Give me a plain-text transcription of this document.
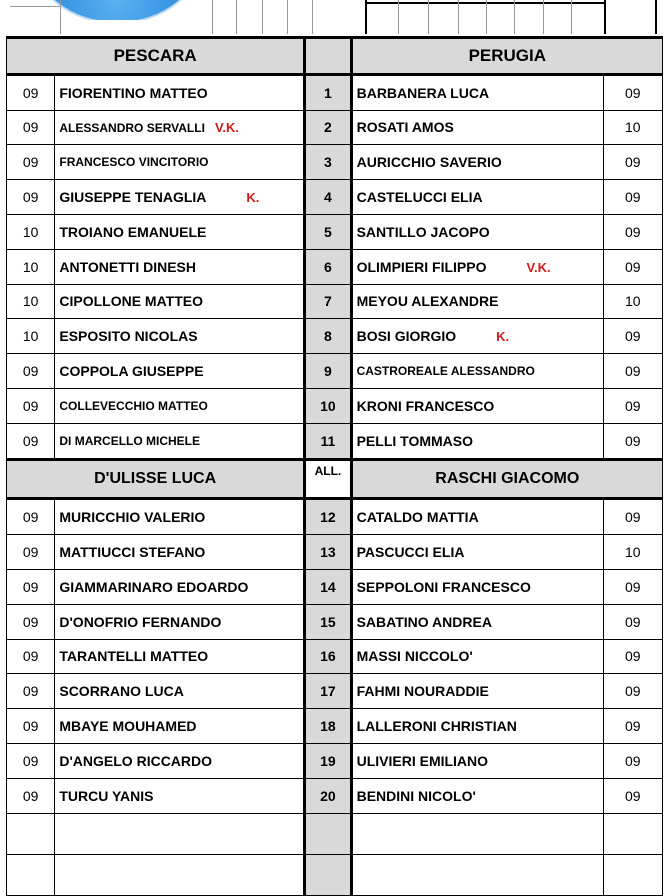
PESCARA			PERUGIA	
09	FIORENTINO MATTEO	1	BARBANERA LUCA	09
09	ALESSANDRO SERVALLI V.K.	2	ROSATI AMOS	10
09	FRANCESCO VINCITORIO	3	AURICCHIO SAVERIO	09
09	GIUSEPPE TENAGLIA K.	4	CASTELUCCI ELIA	09
10	TROIANO EMANUELE	5	SANTILLO JACOPO	09
10	ANTONETTI DINESH	6	OLIMPIERI FILIPPO V.K.	09
10	CIPOLLONE MATTEO	7	MEYOU ALEXANDRE	10
10	ESPOSITO NICOLAS	8	BOSI GIORGIO K.	09
09	COPPOLA GIUSEPPE	9	CASTROREALE ALESSANDRO	09
09	COLLEVECCHIO MATTEO	10	KRONI FRANCESCO	09
09	DI MARCELLO MICHELE	11	PELLI TOMMASO	09
D'ULISSE LUCA		ALL.	RASCHI GIACOMO	
09	MURICCHIO VALERIO	12	CATALDO MATTIA	09
09	MATTIUCCI STEFANO	13	PASCUCCI ELIA	10
09	GIAMMARINARO EDOARDO	14	SEPPOLONI FRANCESCO	09
09	D'ONOFRIO FERNANDO	15	SABATINO ANDREA	09
09	TARANTELLI MATTEO	16	MASSI NICCOLO'	09
09	SCORRANO LUCA	17	FAHMI NOURADDIE	09
09	MBAYE MOUHAMED	18	LALLERONI CHRISTIAN	09
09	D'ANGELO RICCARDO	19	ULIVIERI EMILIANO	09
09	TURCU YANIS	20	BENDINI NICOLO'	09
